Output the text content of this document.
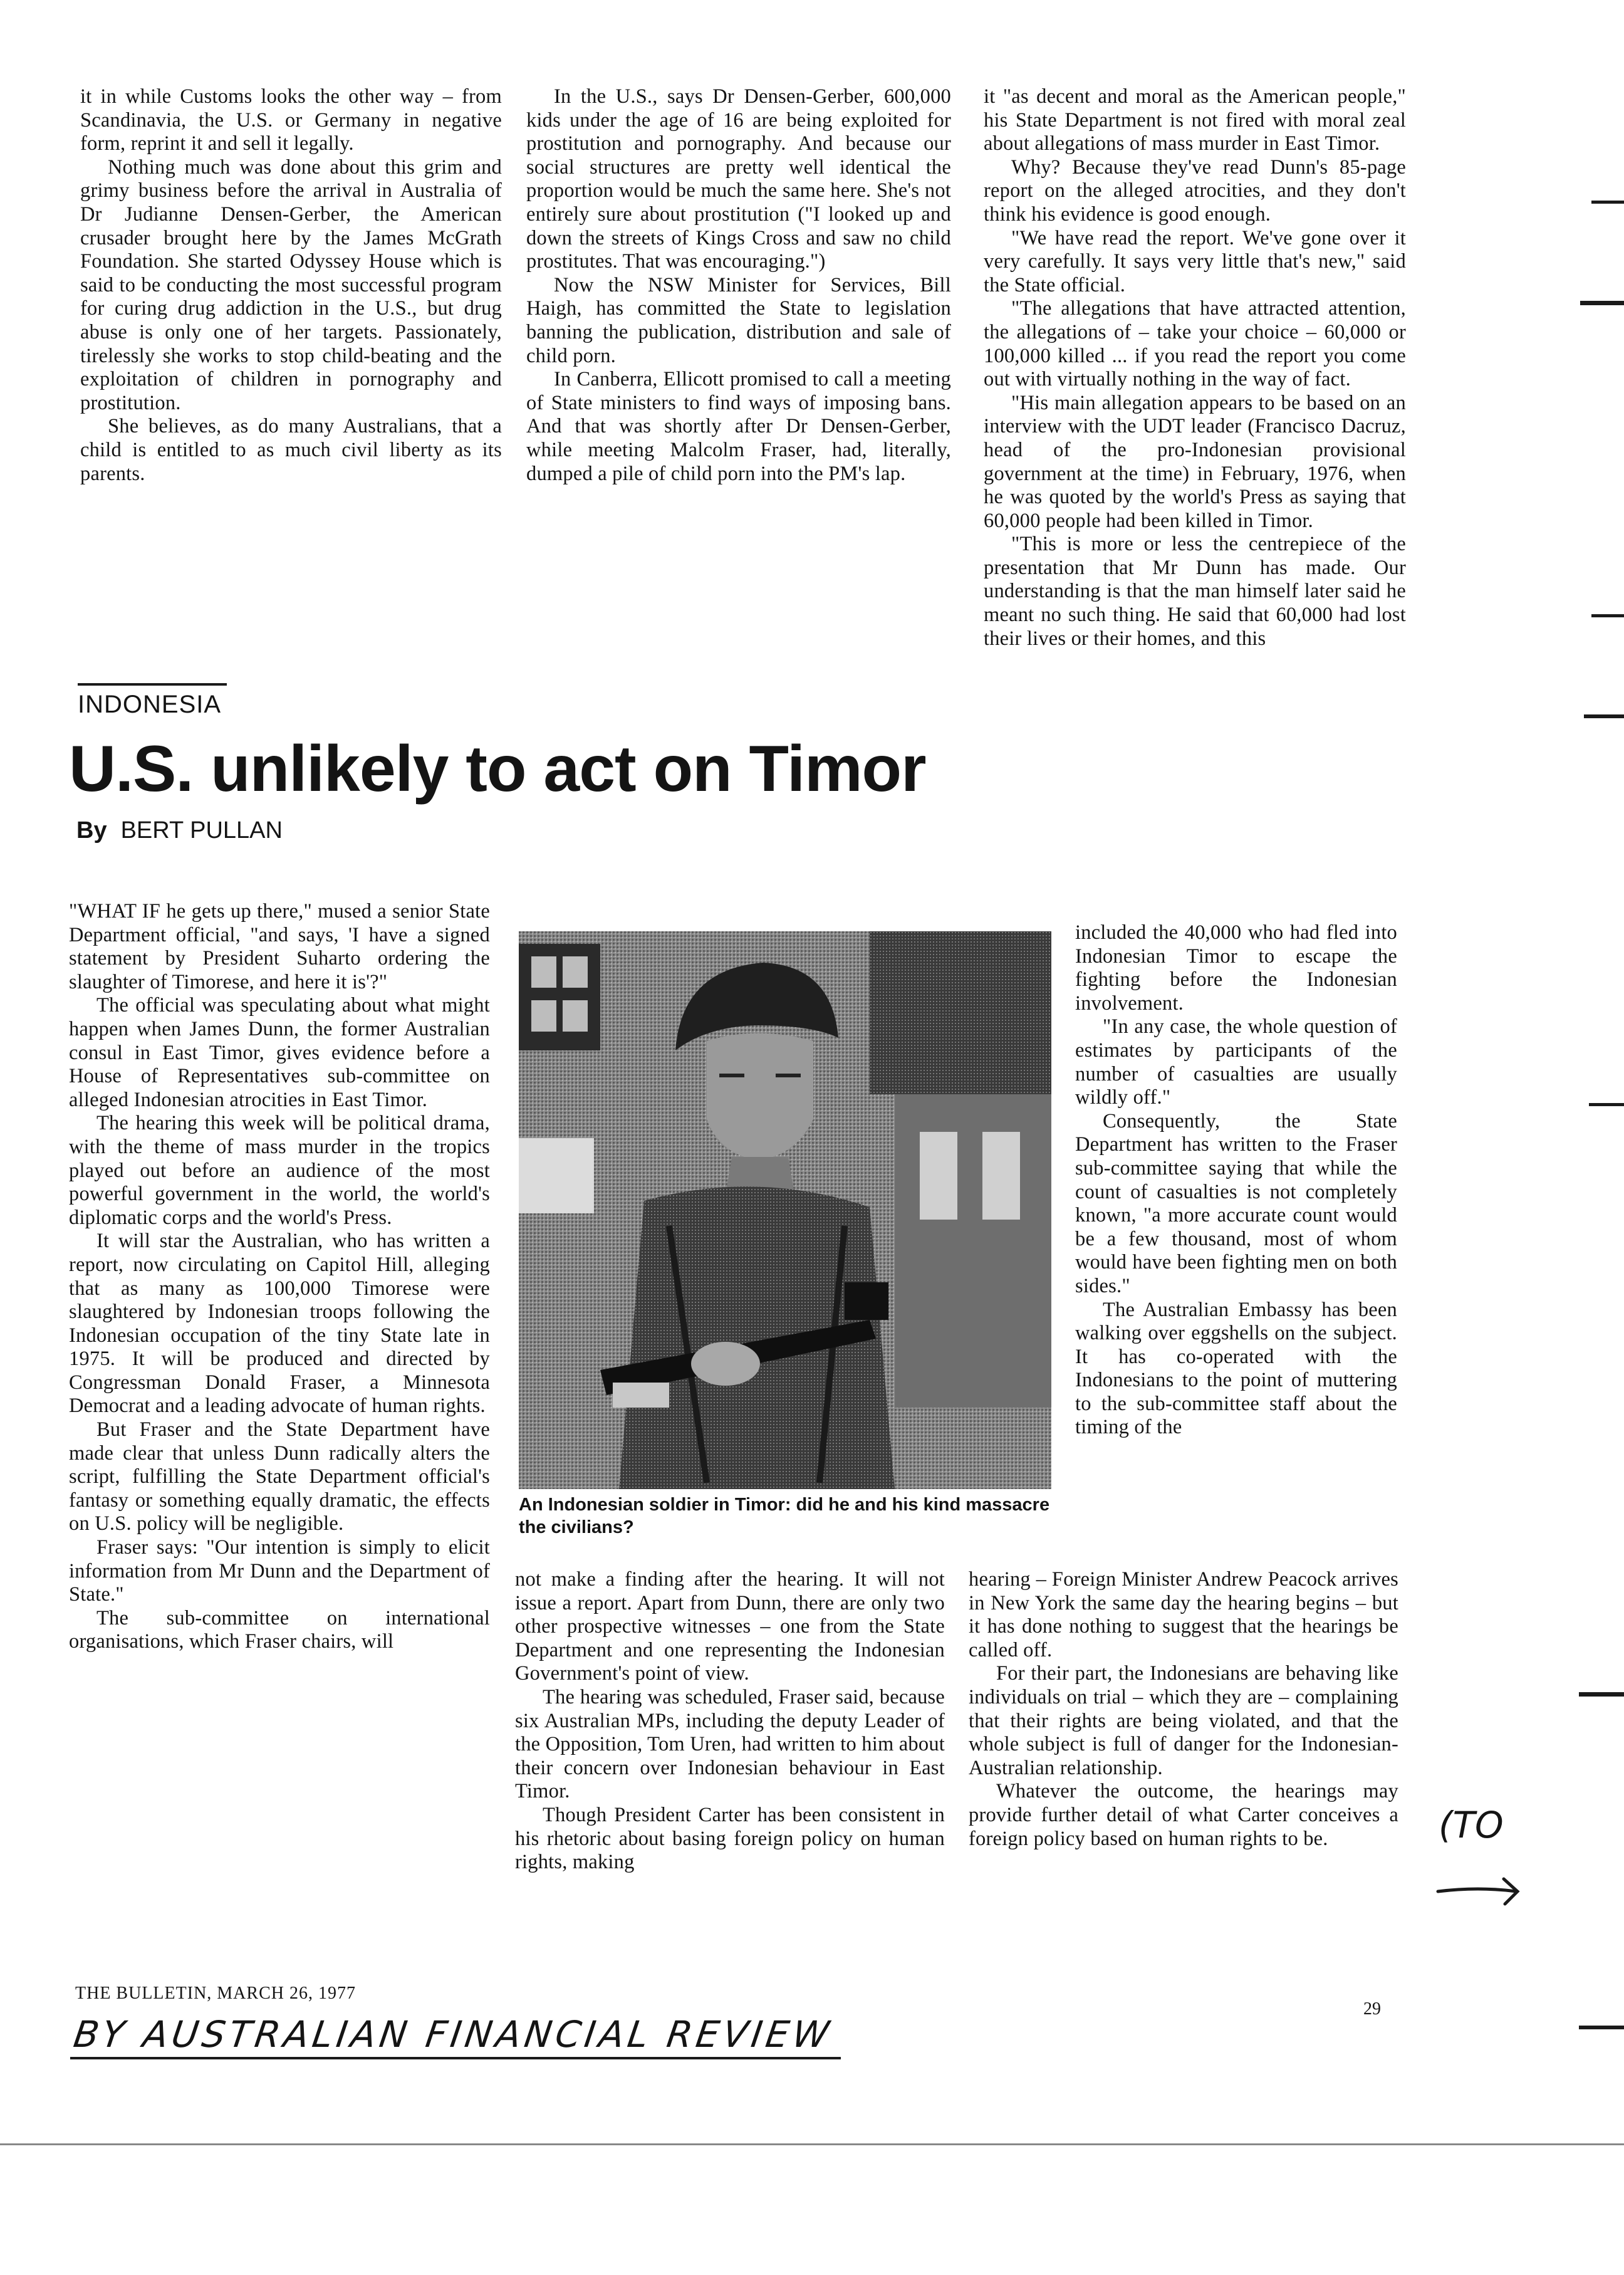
it in while Customs looks the other way – from Scandinavia, the U.S. or Germany in negative form, reprint it and sell it legally.

Nothing much was done about this grim and grimy business before the arrival in Australia of Dr Judianne Densen-Gerber, the American crusader brought here by the James McGrath Foundation. She started Odyssey House which is said to be conducting the most successful program for curing drug addiction in the U.S., but drug abuse is only one of her targets. Passionately, tirelessly she works to stop child-beating and the exploitation of children in pornography and prostitution.

She believes, as do many Australians, that a child is entitled to as much civil liberty as its parents.

In the U.S., says Dr Densen-Gerber, 600,000 kids under the age of 16 are being exploited for prostitution and pornography. And because our social structures are pretty well identical the proportion would be much the same here. She's not entirely sure about prostitution ("I looked up and down the streets of Kings Cross and saw no child prostitutes. That was encouraging.")

Now the NSW Minister for Services, Bill Haigh, has committed the State to legislation banning the publication, distribution and sale of child porn.

In Canberra, Ellicott promised to call a meeting of State ministers to find ways of imposing bans. And that was shortly after Dr Densen-Gerber, while meeting Malcolm Fraser, had, literally, dumped a pile of child porn into the PM's lap.

it "as decent and moral as the American people," his State Department is not fired with moral zeal about allegations of mass murder in East Timor.

Why? Because they've read Dunn's 85-page report on the alleged atrocities, and they don't think his evidence is good enough.

"We have read the report. We've gone over it very carefully. It says very little that's new," said the State official.

"The allegations that have attracted attention, the allegations of – take your choice – 60,000 or 100,000 killed ... if you read the report you come out with virtually nothing in the way of fact.

"His main allegation appears to be based on an interview with the UDT leader (Francisco Dacruz, head of the pro-Indonesian provisional government at the time) in February, 1976, when he was quoted by the world's Press as saying that 60,000 people had been killed in Timor.

"This is more or less the centrepiece of the presentation that Mr Dunn has made. Our understanding is that the man himself later said he meant no such thing. He said that 60,000 had lost their lives or their homes, and this

INDONESIA
U.S. unlikely to act on Timor
By BERT PULLAN

"WHAT IF he gets up there," mused a senior State Department official, "and says, 'I have a signed statement by President Suharto ordering the slaughter of Timorese, and here it is'?"

The official was speculating about what might happen when James Dunn, the former Australian consul in East Timor, gives evidence before a House of Representatives sub-committee on alleged Indonesian atrocities in East Timor.

The hearing this week will be political drama, with the theme of mass murder in the tropics played out before an audience of the most powerful government in the world, the world's diplomatic corps and the world's Press.

It will star the Australian, who has written a report, now circulating on Capitol Hill, alleging that as many as 100,000 Timorese were slaughtered by Indonesian troops following the Indonesian occupation of the tiny State late in 1975. It will be produced and directed by Congressman Donald Fraser, a Minnesota Democrat and a leading advocate of human rights.

But Fraser and the State Department have made clear that unless Dunn radically alters the script, fulfilling the State Department official's fantasy or something equally dramatic, the effects on U.S. policy will be negligible.

Fraser says: "Our intention is simply to elicit information from Mr Dunn and the Department of State."

The sub-committee on international organisations, which Fraser chairs, will

An Indonesian soldier in Timor: did he and his kind massacre the civilians?

included the 40,000 who had fled into Indonesian Timor to escape the fighting before the Indonesian involvement.

"In any case, the whole question of estimates by participants of the number of casualties are usually wildly off."

Consequently, the State Department has written to the Fraser sub-committee saying that while the count of casualties is not completely known, "a more accurate count would be a few thousand, most of whom would have been fighting men on both sides."

The Australian Embassy has been walking over eggshells on the subject. It has co-operated with the Indonesians to the point of muttering to the sub-committee staff about the timing of the

not make a finding after the hearing. It will not issue a report. Apart from Dunn, there are only two other prospective witnesses – one from the State Department and one representing the Indonesian Government's point of view.

The hearing was scheduled, Fraser said, because six Australian MPs, including the deputy Leader of the Opposition, Tom Uren, had written to him about their concern over Indonesian behaviour in East Timor.

Though President Carter has been consistent in his rhetoric about basing foreign policy on human rights, making

hearing – Foreign Minister Andrew Peacock arrives in New York the same day the hearing begins – but it has done nothing to suggest that the hearings be called off.

For their part, the Indonesians are behaving like individuals on trial – which they are – complaining that their rights are being violated, and that the whole subject is full of danger for the Indonesian-Australian relationship.

Whatever the outcome, the hearings may provide further detail of what Carter conceives a foreign policy based on human rights to be.

THE BULLETIN, MARCH 26, 1977
29
BY AUSTRALIAN FINANCIAL REVIEW
(TO
